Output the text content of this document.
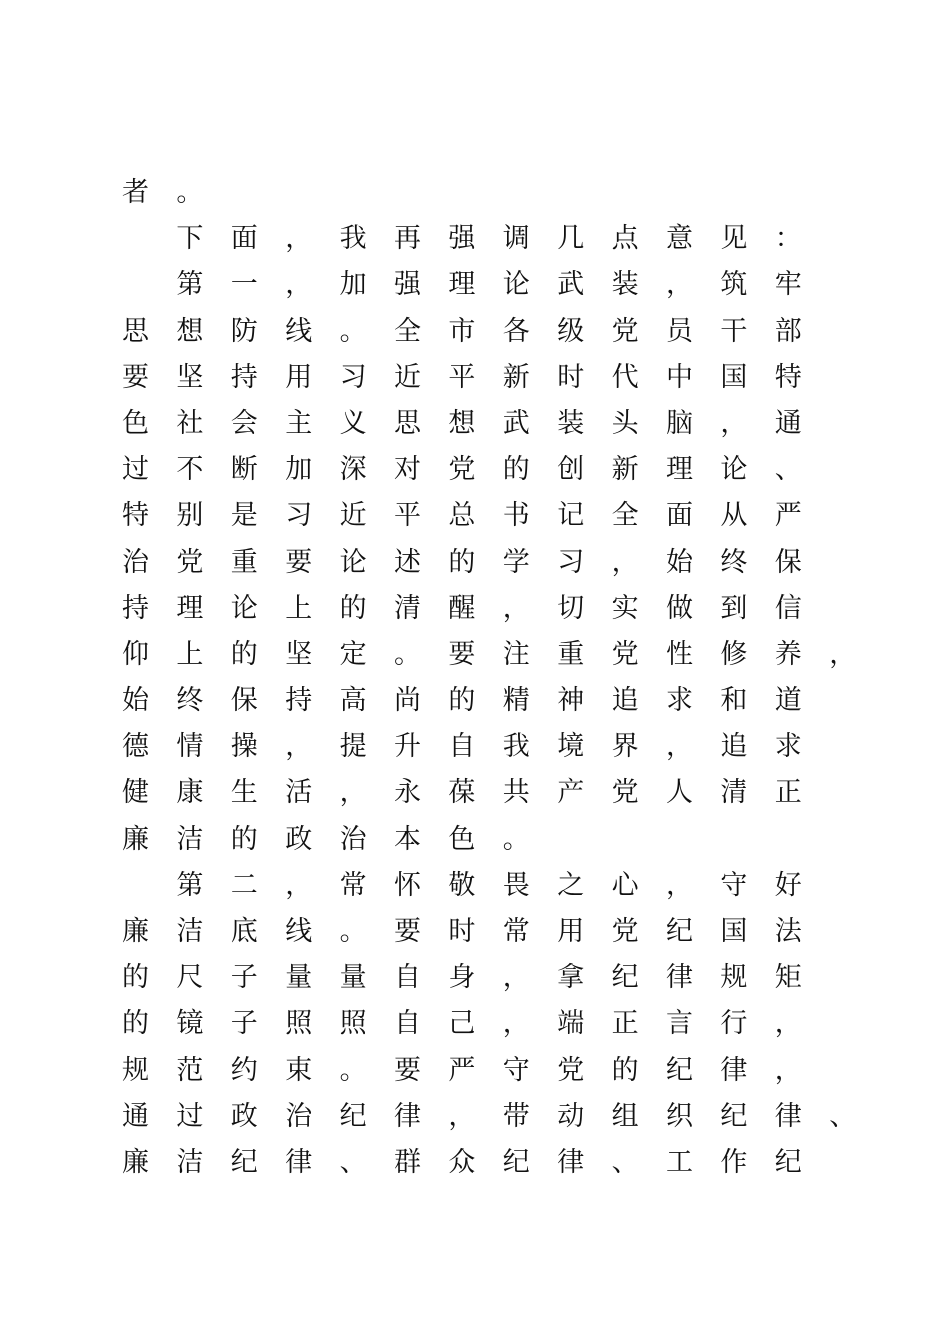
者。
下面，我再强调几点意见：
第一，加强理论武装，筑牢
思想防线。全市各级党员干部
要坚持用习近平新时代中国特
色社会主义思想武装头脑，通
过不断加深对党的创新理论、
特别是习近平总书记全面从严
治党重要论述的学习，始终保
持理论上的清醒，切实做到信
仰上的坚定。要注重党性修养，
始终保持高尚的精神追求和道
德情操，提升自我境界，追求
健康生活，永葆共产党人清正
廉洁的政治本色。
第二，常怀敬畏之心，守好
廉洁底线。要时常用党纪国法
的尺子量量自身，拿纪律规矩
的镜子照照自己，端正言行，
规范约束。要严守党的纪律，
通过政治纪律，带动组织纪律、
廉洁纪律、群众纪律、工作纪
